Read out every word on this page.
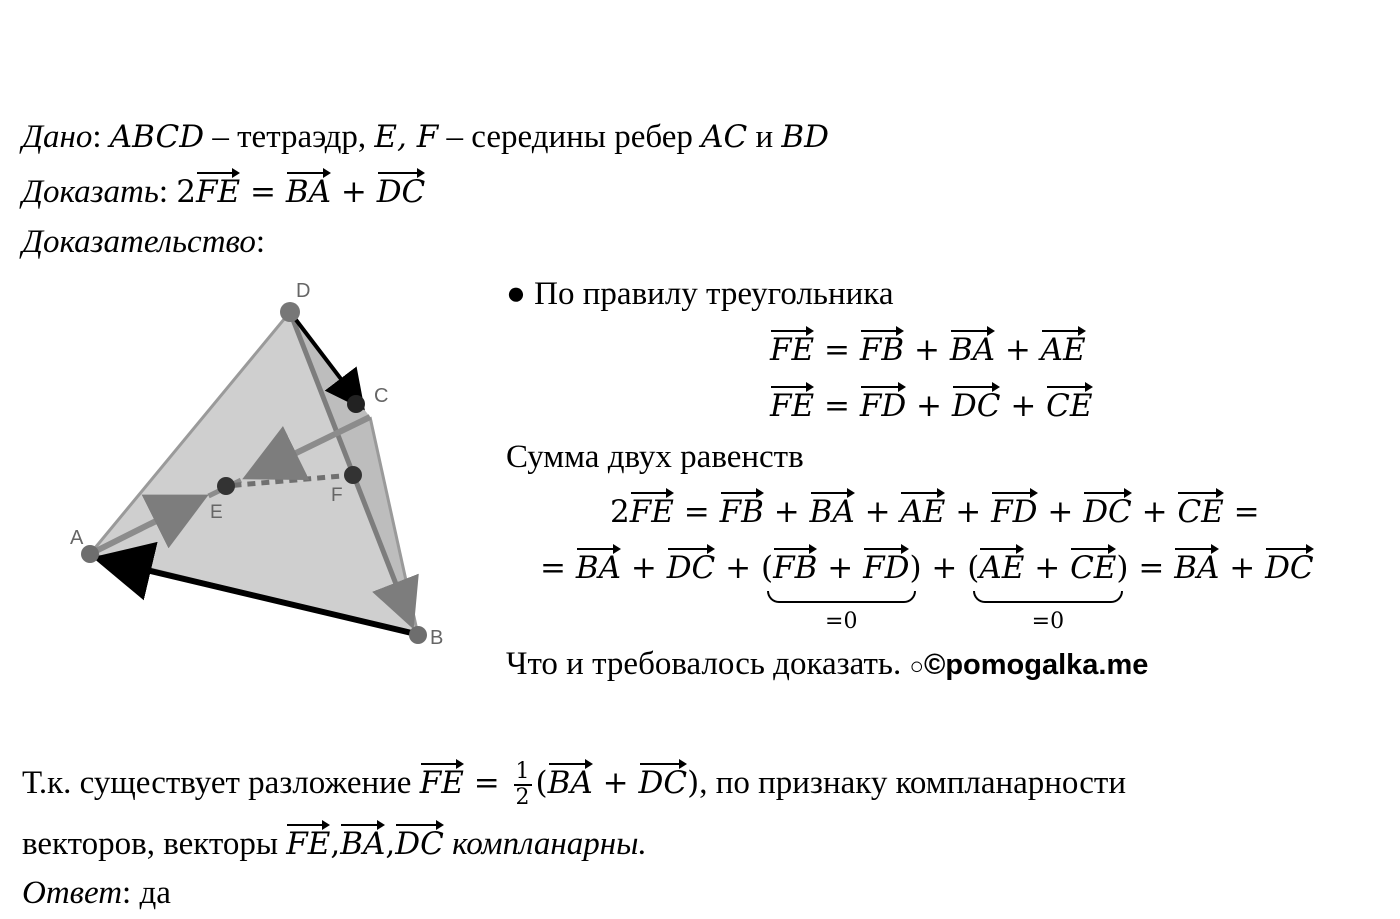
Дано: ABCD – тетраэдр, E, F – середины ребер AC и BD
Доказать: 2FE
= BA
+ DC
Доказательство:
A
B
C
D
E
F
● По правилу треугольника
FE
= FB
+ BA
+ AE
FE
= FD
+ DC
+ CE
Сумма двух равенств
2FE
= FB
+ BA
+ AE
+ FD
+ DC
+ CE
=
= BA
+ DC
+ (FB
+ FD
)
=0
+ (AE
+ CE
)
=0
= BA
+ DC
Что и требовалось доказать. ○©pomogalka.me
Т.к. существует разложение FE
= $\frac{1}{2} (BA$
+ DC
), по признаку компланарности
векторов, векторы FE
,BA
,DC
компланарны.
Ответ: да
